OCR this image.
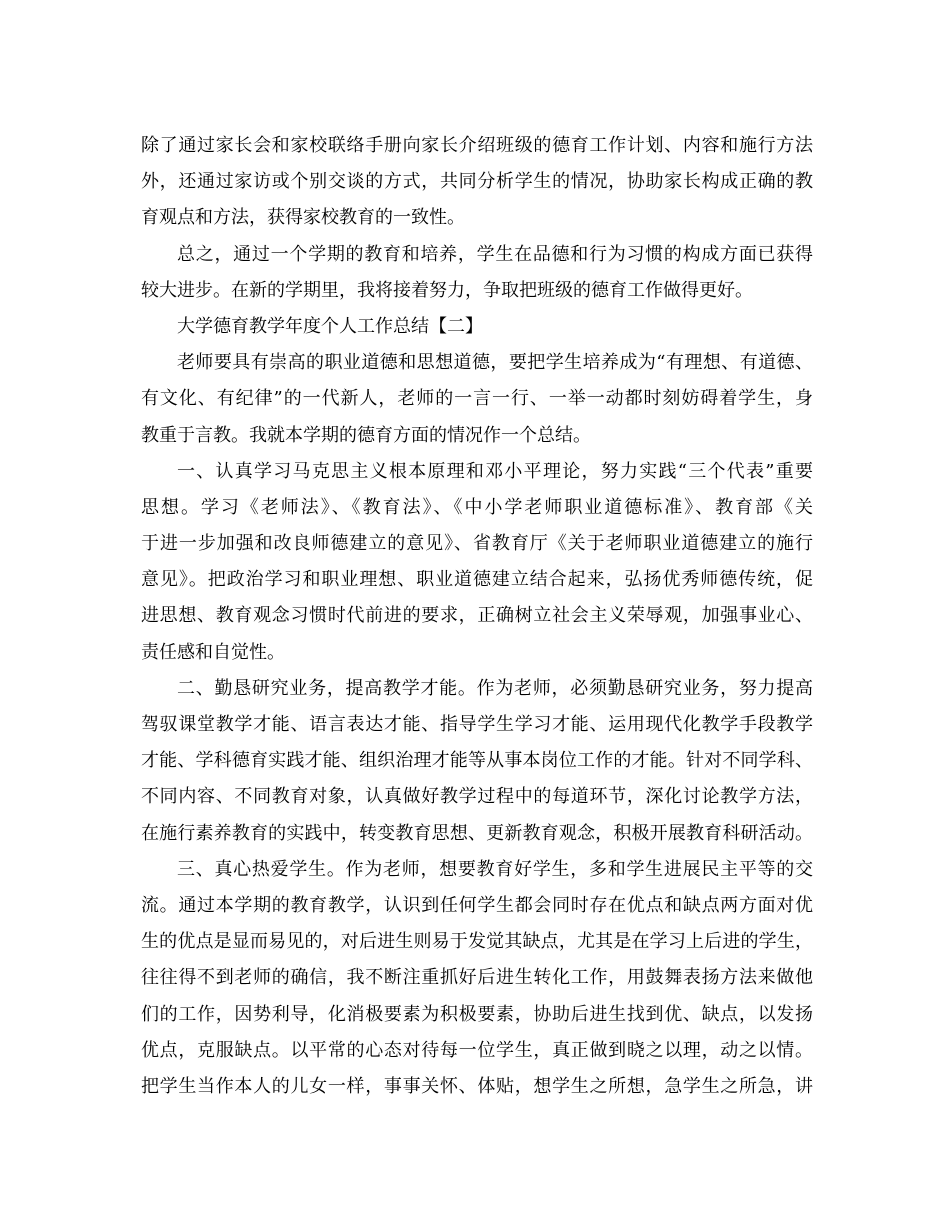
除了通过家长会和家校联络手册向家长介绍班级的德育工作计划、内容和施行方法
外，还通过家访或个别交谈的方式，共同分析学生的情况，协助家长构成正确的教
育观点和方法，获得家校教育的一致性。
总之，通过一个学期的教育和培养，学生在品德和行为习惯的构成方面已获得
较大进步。在新的学期里，我将接着努力，争取把班级的德育工作做得更好。
大学德育教学年度个人工作总结【二】
老师要具有崇高的职业道德和思想道德，要把学生培养成为“有理想、有道德、
有文化、有纪律”的一代新人，老师的一言一行、一举一动都时刻妨碍着学生，身
教重于言教。我就本学期的德育方面的情况作一个总结。
一、认真学习马克思主义根本原理和邓小平理论，努力实践“三个代表”重要
思想。学习《老师法》、《教育法》、《中小学老师职业道德标准》、教育部《关
于进一步加强和改良师德建立的意见》、省教育厅《关于老师职业道德建立的施行
意见》。把政治学习和职业理想、职业道德建立结合起来，弘扬优秀师德传统，促
进思想、教育观念习惯时代前进的要求，正确树立社会主义荣辱观，加强事业心、
责任感和自觉性。
二、勤恳研究业务，提高教学才能。作为老师，必须勤恳研究业务，努力提高
驾驭课堂教学才能、语言表达才能、指导学生学习才能、运用现代化教学手段教学
才能、学科德育实践才能、组织治理才能等从事本岗位工作的才能。针对不同学科、
不同内容、不同教育对象，认真做好教学过程中的每道环节，深化讨论教学方法，
在施行素养教育的实践中，转变教育思想、更新教育观念，积极开展教育科研活动。
三、真心热爱学生。作为老师，想要教育好学生，多和学生进展民主平等的交
流。通过本学期的教育教学，认识到任何学生都会同时存在优点和缺点两方面对优
生的优点是显而易见的，对后进生则易于发觉其缺点，尤其是在学习上后进的学生，
往往得不到老师的确信，我不断注重抓好后进生转化工作，用鼓舞表扬方法来做他
们的工作，因势利导，化消极要素为积极要素，协助后进生找到优、缺点，以发扬
优点，克服缺点。以平常的心态对待每一位学生，真正做到晓之以理，动之以情。
把学生当作本人的儿女一样，事事关怀、体贴，想学生之所想，急学生之所急，讲
